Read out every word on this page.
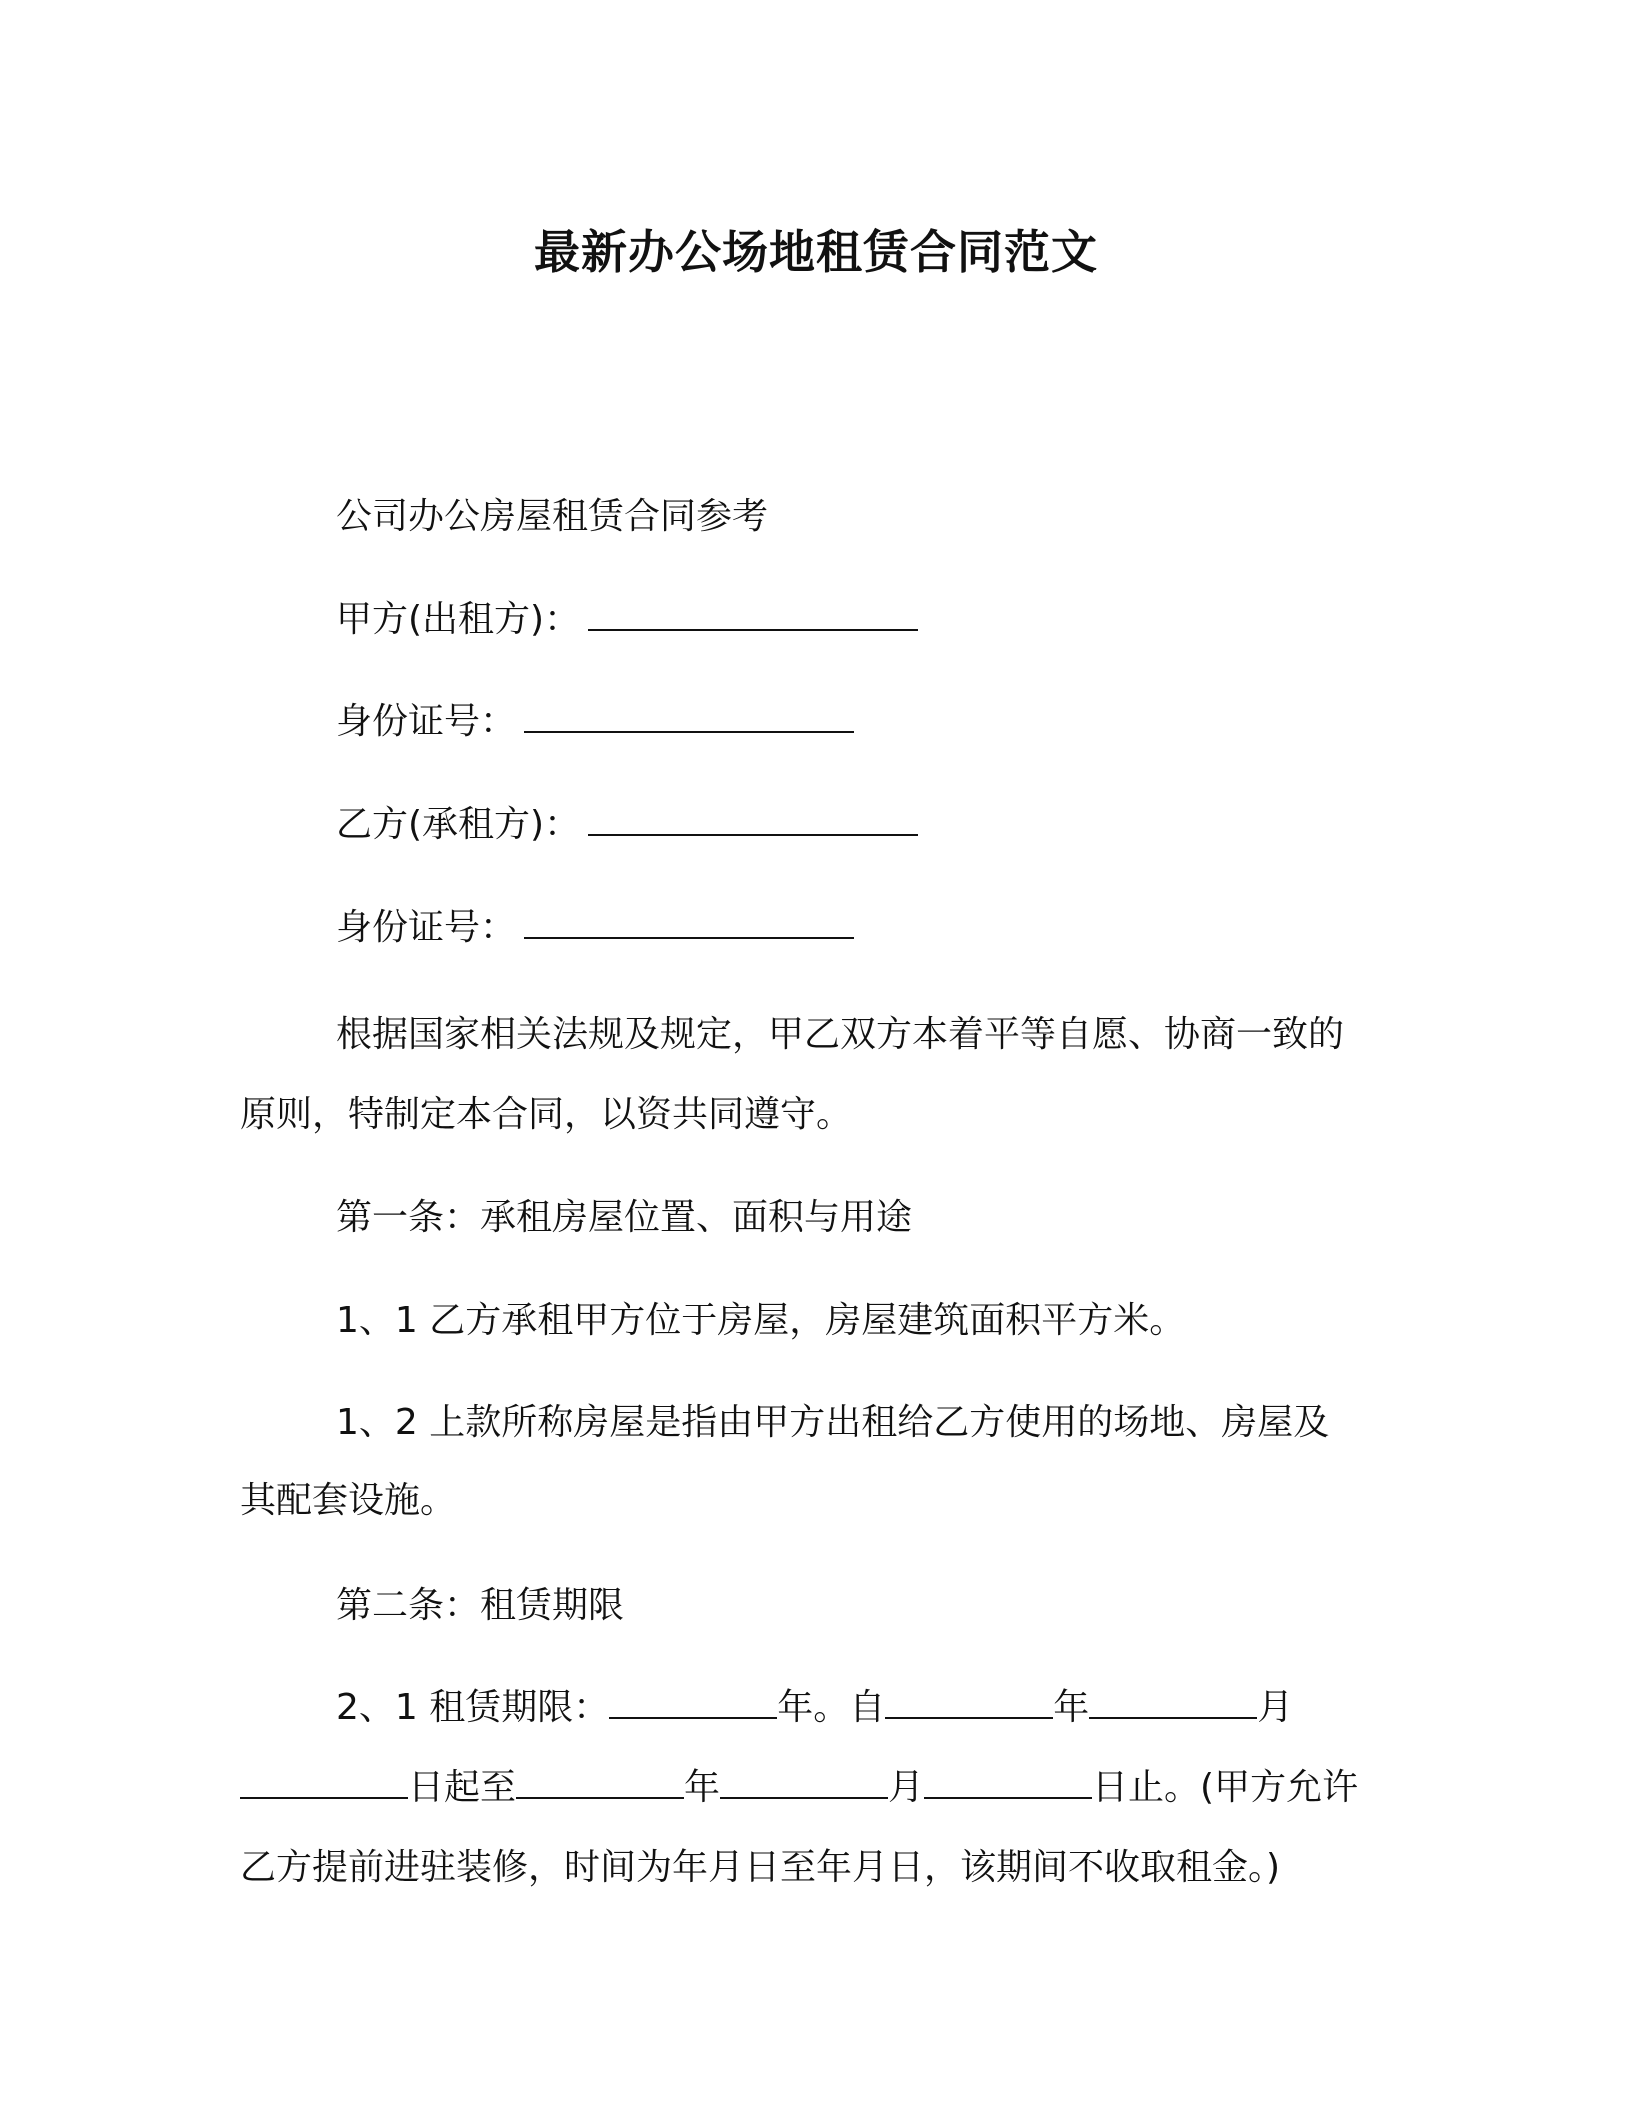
最新办公场地租赁合同范文
公司办公房屋租赁合同参考
甲方(出租方)：
身份证号：
乙方(承租方)：
身份证号：
根据国家相关法规及规定，甲乙双方本着平等自愿、协商一致的
原则，特制定本合同，以资共同遵守。
第一条：承租房屋位置、面积与用途
1、1 乙方承租甲方位于房屋，房屋建筑面积平方米。
1、2 上款所称房屋是指由甲方出租给乙方使用的场地、房屋及
其配套设施。
第二条：租赁期限
2、1 租赁期限：	年。自	年	月
日起至	年	月	日止。(甲方允许
乙方提前进驻装修，时间为年月日至年月日，该期间不收取租金。)
